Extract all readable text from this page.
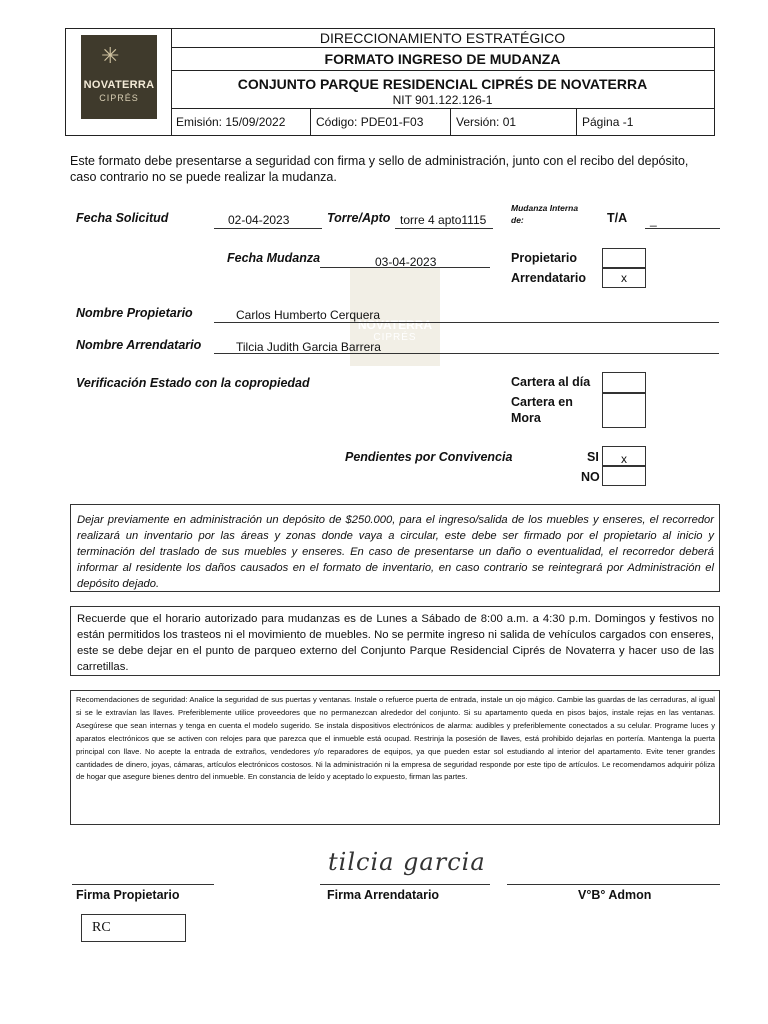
✳
NOVATERRA
CIPRÉS
DIRECCIONAMIENTO ESTRATÉGICO
FORMATO INGRESO DE MUDANZA
CONJUNTO PARQUE RESIDENCIAL CIPRÉS DE NOVATERRA
NIT 901.122.126-1
Emisión: 15/09/2022	Código: PDE01-F03	Versión: 01	Página -1
Este formato debe presentarse a seguridad con firma y sello de administración, junto con el recibo del depósito, caso contrario no se puede realizar la mudanza.
NOVATERRA
CIPRÉS
Fecha Solicitud	02-04-2023	Torre/Apto torre 4 apto1115
Mudanza Interna de:	T/A _
Fecha Mudanza	03-04-2023	Propietario
Arrendatario	x
Nombre Propietario	Carlos Humberto Cerquera
Nombre Arrendatario	Tilcia Judith Garcia Barrera
Verificación Estado con la copropiedad	Cartera al día
Cartera en Mora
Pendientes por Convivencia	SI	x
NO
Dejar previamente en administración un depósito de $250.000, para el ingreso/salida de los muebles y enseres, el recorredor realizará un inventario por las áreas y zonas donde vaya a circular, este debe ser firmado por el propietario al inicio y terminación del traslado de sus muebles y enseres. En caso de presentarse un daño o eventualidad, el recorredor deberá informar al residente los daños causados en el formato de inventario, en caso contrario se reintegrará por Administración el depósito dejado.
Recuerde que el horario autorizado para mudanzas es de Lunes a Sábado de 8:00 a.m. a 4:30 p.m. Domingos y festivos no están permitidos los trasteos ni el movimiento de muebles. No se permite ingreso ni salida de vehículos cargados con enseres, este se debe dejar en el punto de parqueo externo del Conjunto Parque Residencial Ciprés de Novaterra y hacer uso de las carretillas.
Recomendaciones de seguridad: Analice la seguridad de sus puertas y ventanas. Instale o refuerce puerta de entrada, instale un ojo mágico. Cambie las guardas de las cerraduras, al igual si se le extravían las llaves. Preferiblemente utilice proveedores que no permanezcan alrededor del conjunto. Si su apartamento queda en pisos bajos, instale rejas en las ventanas. Asegúrese que sean internas y tenga en cuenta el modelo sugerido. Se instala dispositivos electrónicos de alarma: audibles y preferiblemente conectados a su celular. Programe luces y aparatos electrónicos que se activen con relojes para que parezca que el inmueble está ocupad. Restrinja la posesión de llaves, está prohibido dejarlas en portería. Mantenga la puerta principal con llave. No acepte la entrada de extraños, vendedores y/o reparadores de equipos, ya que pueden estar sol estudiando al interior del apartamento. Evite tener grandes cantidades de dinero, joyas, cámaras, artículos electrónicos costosos. Ni la administración ni la empresa de seguridad responde por este tipo de artículos. Le recomendamos adquirir póliza de hogar que asegure bienes dentro del inmueble. En constancia de leído y aceptado lo expuesto, firman las partes.
tilcia garcia
Firma Propietario	Firma Arrendatario	V°B° Admon
RC
